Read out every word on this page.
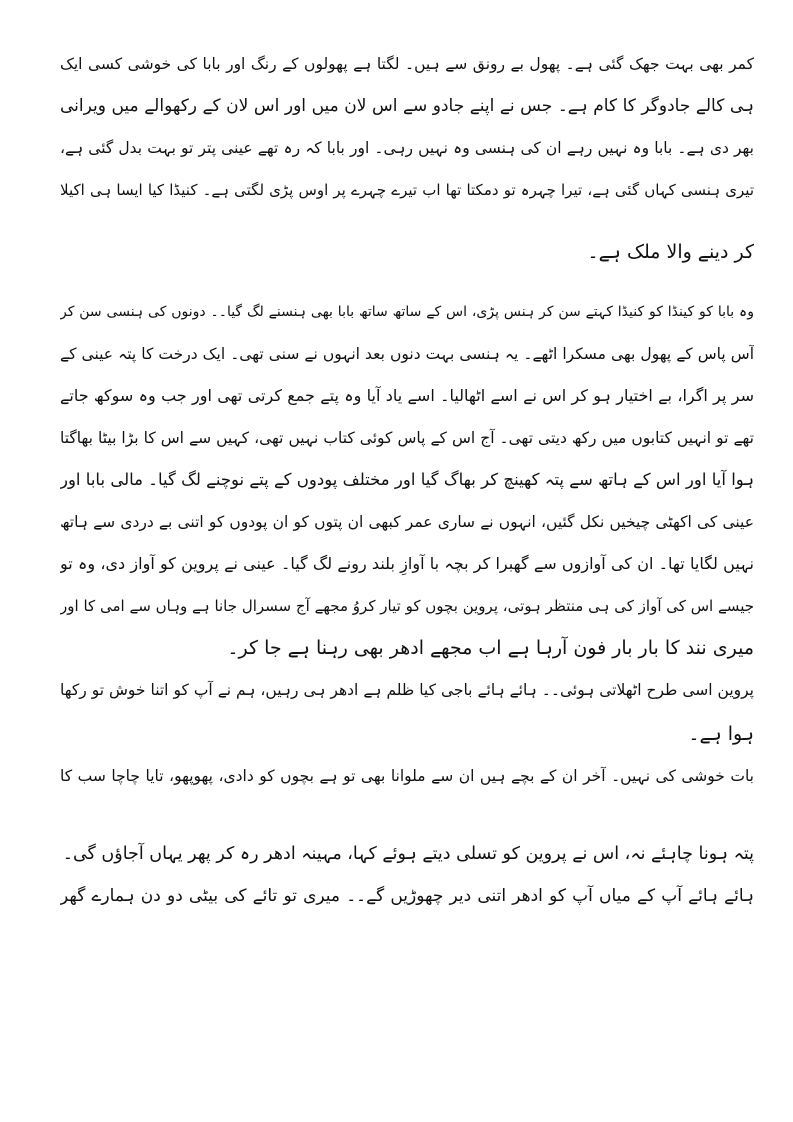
کمر بھی بہت جھک گئی ہے۔ پھول بے رونق سے ہیں۔ لگتا ہے پھولوں کے رنگ اور بابا کی خوشی کسی ایک
ہی کالے جادوگر کا کام ہے۔ جس نے اپنے جادو سے اس لان میں اور اس لان کے رکھوالے میں ویرانی
بھر دی ہے۔ بابا وہ نہیں رہے ان کی ہنسی وہ نہیں رہی۔ اور بابا کہ رہ تھے عینی پتر تو بہت بدل گئی ہے،
تیری ہنسی کہاں گئی ہے، تیرا چہرہ تو دمکتا تھا اب تیرے چہرے پر اوس پڑی لگتی ہے۔ کنیڈا کیا ایسا ہی اکیلا
کر دینے والا ملک ہے۔
وہ بابا کو کینڈا کو کنیڈا کہتے سن کر ہنس پڑی، اس کے ساتھ ساتھ بابا بھی ہنسنے لگ گیا۔۔ دونوں کی ہنسی سن کر
آس پاس کے پھول بھی مسکرا اٹھے۔ یہ ہنسی بہت دنوں بعد انہوں نے سنی تھی۔ ایک درخت کا پتہ عینی کے
سر پر اگرا، بے اختیار ہو کر اس نے اسے اٹھالیا۔ اسے یاد آیا وہ پتے جمع کرتی تھی اور جب وہ سوکھ جاتے
تھے تو انہیں کتابوں میں رکھ دیتی تھی۔ آج اس کے پاس کوئی کتاب نہیں تھی، کہیں سے اس کا بڑا بیٹا بھاگتا
ہوا آیا اور اس کے ہاتھ سے پتہ کھینچ کر بھاگ گیا اور مختلف پودوں کے پتے نوچنے لگ گیا۔ مالی بابا اور
عینی کی اکھٹی چیخیں نکل گئیں، انہوں نے ساری عمر کبھی ان پتوں کو ان پودوں کو اتنی بے دردی سے ہاتھ
نہیں لگایا تھا۔ ان کی آوازوں سے گھبرا کر بچہ با آوازِ بلند رونے لگ گیا۔ عینی نے پروین کو آواز دی، وہ تو
جیسے اس کی آواز کی ہی منتظر ہوتی، پروین بچوں کو تیار کروُ مجھے آج سسرال جانا ہے وہاں سے امی کا اور
میری نند کا بار بار فون آرہا ہے اب مجھے ادھر بھی رہنا ہے جا کر۔
پروین اسی طرح اٹھلاتی ہوئی۔۔ ہائے ہائے باجی کیا ظلم ہے ادھر ہی رہیں، ہم نے آپ کو اتنا خوش تو رکھا
ہوا ہے۔
بات خوشی کی نہیں۔ آخر ان کے بچے ہیں ان سے ملوانا بھی تو ہے بچوں کو دادی، پھوپھو، تایا چاچا سب کا
پتہ ہونا چاہئے نہ، اس نے پروین کو تسلی دیتے ہوئے کہا، مہینہ ادھر رہ کر پھر یہاں آجاؤں گی۔
ہائے ہائے آپ کے میاں آپ کو ادھر اتنی دیر چھوڑیں گے۔۔ میری تو تائے کی بیٹی دو دن ہمارے گھر
